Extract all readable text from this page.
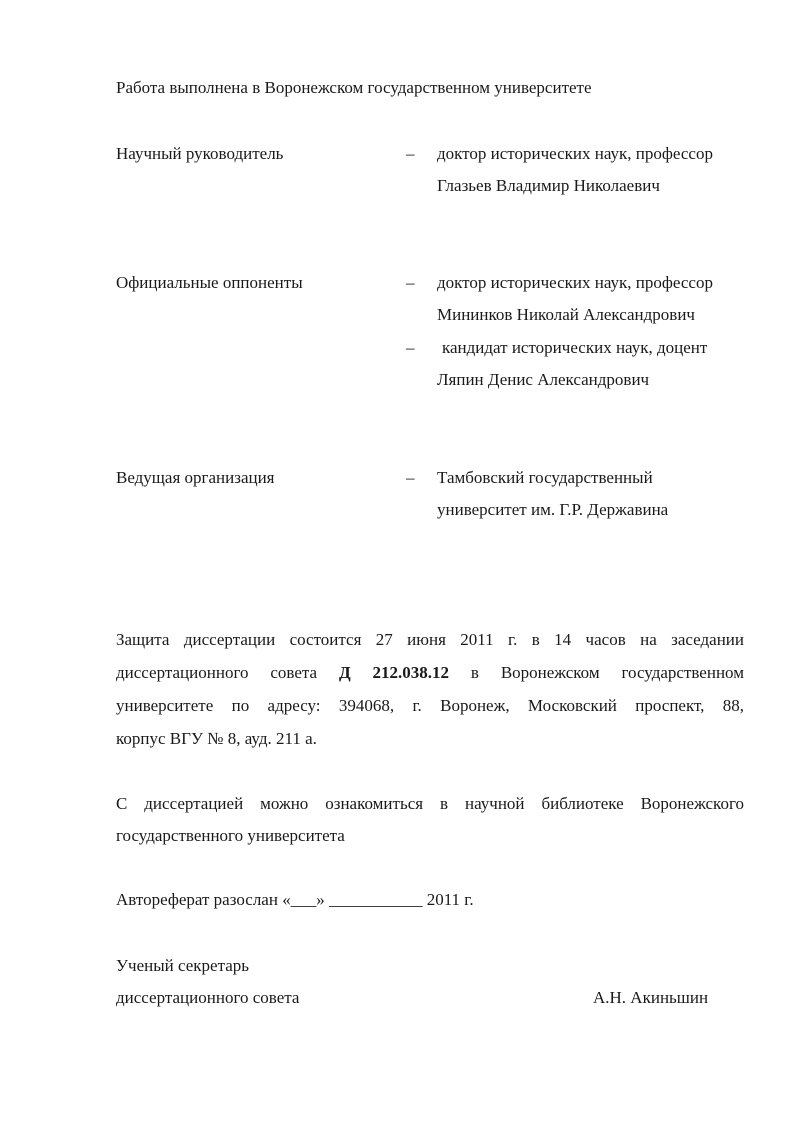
Работа выполнена в Воронежском государственном университете
Научный руководитель	– доктор исторических наук, профессор
Глазьев Владимир Николаевич
Официальные оппоненты	– доктор исторических наук, профессор
Мининков Николай Александрович
– кандидат исторических наук, доцент
Ляпин Денис Александрович
Ведущая организация	– Тамбовский государственный
университет им. Г.Р. Державина
Защита диссертации состоится 27 июня 2011 г. в 14 часов на заседании
диссертационного совета Д 212.038.12 в Воронежском государственном
университете по адресу: 394068, г. Воронеж, Московский проспект, 88,
корпус ВГУ № 8, ауд. 211 а.
С диссертацией можно ознакомиться в научной библиотеке Воронежского
государственного университета
Автореферат разослан «___» ___________ 2011 г.
Ученый секретарь
диссертационного совета	А.Н. Акиньшин
